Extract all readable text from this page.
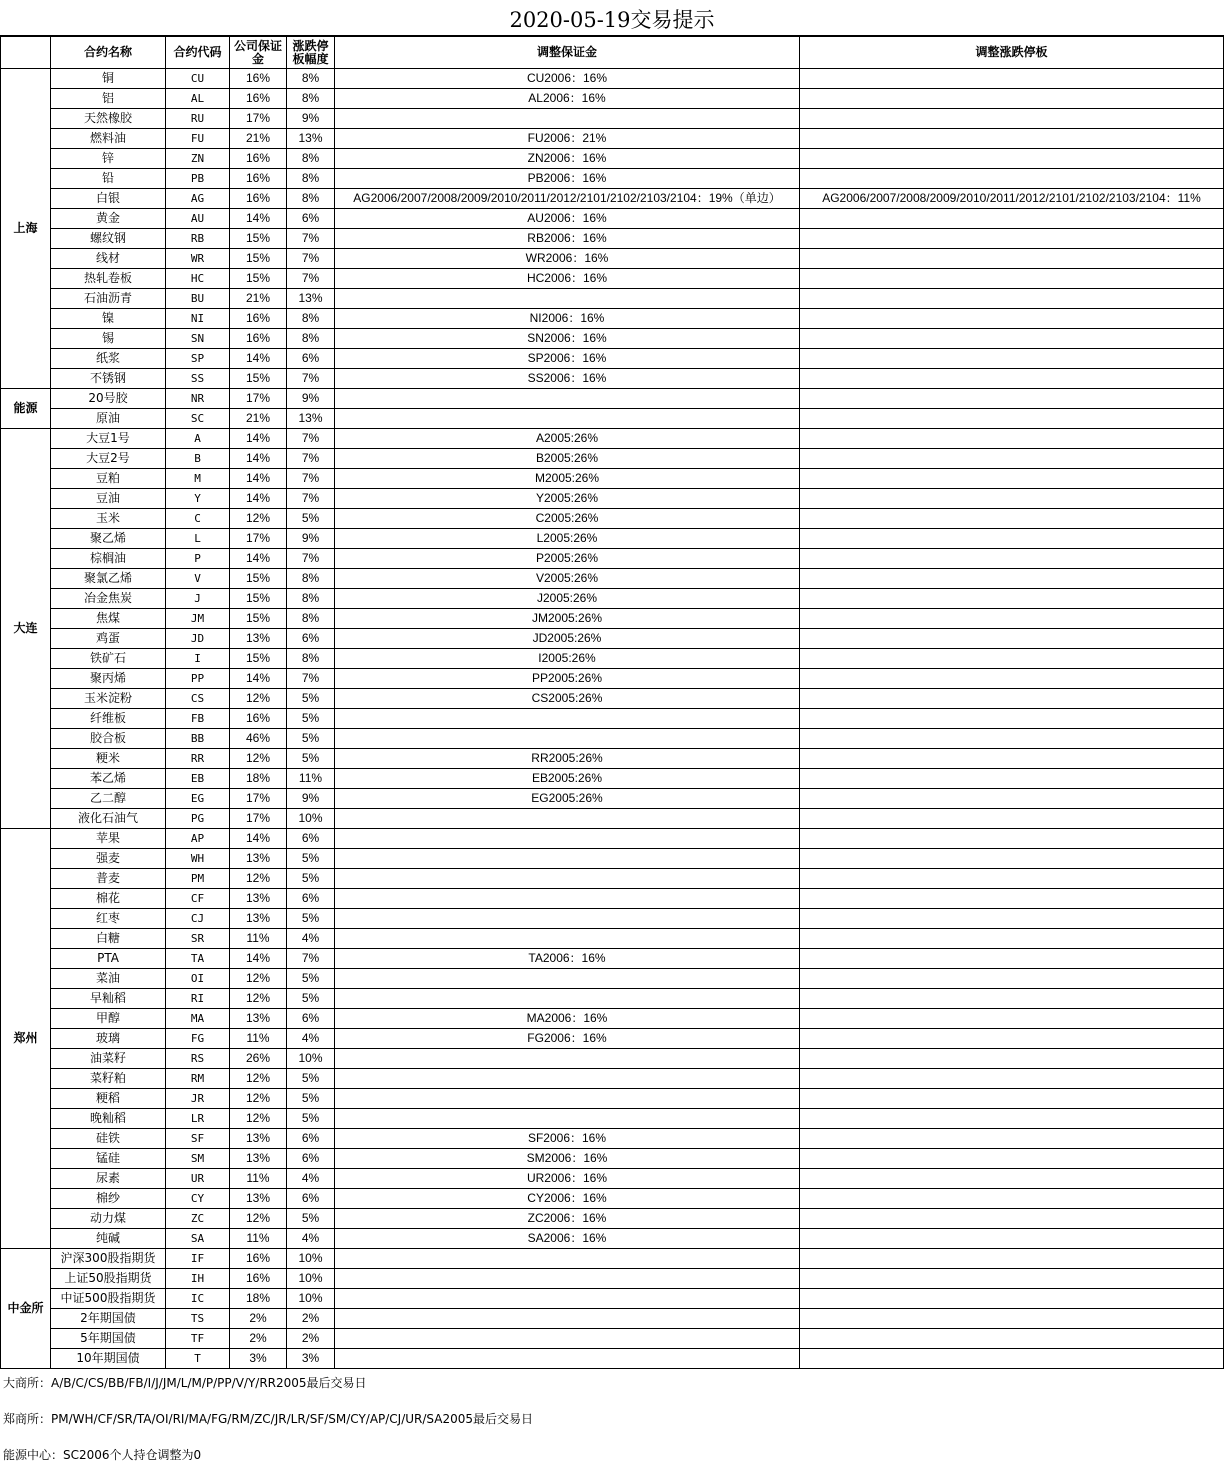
2020-05-19交易提示
	合约名称	合约代码	公司保证金	涨跌停板幅度	调整保证金	调整涨跌停板
上海	铜	CU	16%	8%	CU2006：16%	
	铝	AL	16%	8%	AL2006：16%	
	天然橡胶	RU	17%	9%		
	燃料油	FU	21%	13%	FU2006：21%	
	锌	ZN	16%	8%	ZN2006：16%	
	铅	PB	16%	8%	PB2006：16%	
	白银	AG	16%	8%	AG2006/2007/2008/2009/2010/2011/2012/2101/2102/2103/2104：19%（单边）	AG2006/2007/2008/2009/2010/2011/2012/2101/2102/2103/2104：11%
	黄金	AU	14%	6%	AU2006：16%	
	螺纹钢	RB	15%	7%	RB2006：16%	
	线材	WR	15%	7%	WR2006：16%	
	热轧卷板	HC	15%	7%	HC2006：16%	
	石油沥青	BU	21%	13%		
	镍	NI	16%	8%	NI2006：16%	
	锡	SN	16%	8%	SN2006：16%	
	纸浆	SP	14%	6%	SP2006：16%	
	不锈钢	SS	15%	7%	SS2006：16%	
能源	20号胶	NR	17%	9%		
	原油	SC	21%	13%		
大连	大豆1号	A	14%	7%	A2005:26%	
	大豆2号	B	14%	7%	B2005:26%	
	豆粕	M	14%	7%	M2005:26%	
	豆油	Y	14%	7%	Y2005:26%	
	玉米	C	12%	5%	C2005:26%	
	聚乙烯	L	17%	9%	L2005:26%	
	棕榈油	P	14%	7%	P2005:26%	
	聚氯乙烯	V	15%	8%	V2005:26%	
	冶金焦炭	J	15%	8%	J2005:26%	
	焦煤	JM	15%	8%	JM2005:26%	
	鸡蛋	JD	13%	6%	JD2005:26%	
	铁矿石	I	15%	8%	I2005:26%	
	聚丙烯	PP	14%	7%	PP2005:26%	
	玉米淀粉	CS	12%	5%	CS2005:26%	
	纤维板	FB	16%	5%		
	胶合板	BB	46%	5%		
	粳米	RR	12%	5%	RR2005:26%	
	苯乙烯	EB	18%	11%	EB2005:26%	
	乙二醇	EG	17%	9%	EG2005:26%	
	液化石油气	PG	17%	10%		
郑州	苹果	AP	14%	6%		
	强麦	WH	13%	5%		
	普麦	PM	12%	5%		
	棉花	CF	13%	6%		
	红枣	CJ	13%	5%		
	白糖	SR	11%	4%		
	PTA	TA	14%	7%	TA2006：16%	
	菜油	OI	12%	5%		
	早籼稻	RI	12%	5%		
	甲醇	MA	13%	6%	MA2006：16%	
	玻璃	FG	11%	4%	FG2006：16%	
	油菜籽	RS	26%	10%		
	菜籽粕	RM	12%	5%		
	粳稻	JR	12%	5%		
	晚籼稻	LR	12%	5%		
	硅铁	SF	13%	6%	SF2006：16%	
	锰硅	SM	13%	6%	SM2006：16%	
	尿素	UR	11%	4%	UR2006：16%	
	棉纱	CY	13%	6%	CY2006：16%	
	动力煤	ZC	12%	5%	ZC2006：16%	
	纯碱	SA	11%	4%	SA2006：16%	
中金所	沪深300股指期货	IF	16%	10%		
	上证50股指期货	IH	16%	10%		
	中证500股指期货	IC	18%	10%		
	2年期国债	TS	2%	2%		
	5年期国债	TF	2%	2%		
	10年期国债	T	3%	3%		
大商所：A/B/C/CS/BB/FB/I/J/JM/L/M/P/PP/V/Y/RR2005最后交易日
郑商所：PM/WH/CF/SR/TA/OI/RI/MA/FG/RM/ZC/JR/LR/SF/SM/CY/AP/CJ/UR/SA2005最后交易日
能源中心：SC2006个人持仓调整为0
